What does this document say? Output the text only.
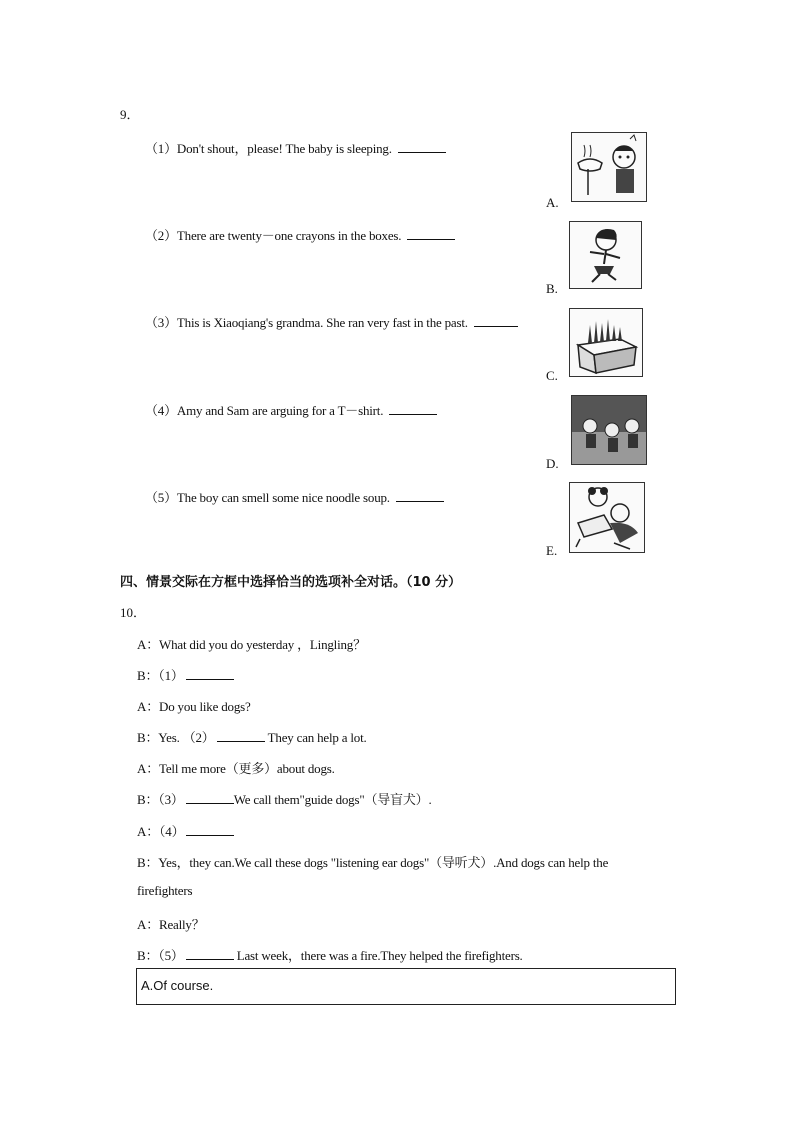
9．
（1）Don't shout，please! The baby is sleeping.
（2）There are twenty－one crayons in the boxes.
（3）This is Xiaoqiang's grandma. She ran very fast in the past.
（4）Amy and Sam are arguing for a T－shirt.
（5）The boy can smell some nice noodle soup.
A.
B.
C.
D.
E.
四、情景交际在方框中选择恰当的选项补全对话。（10 分）
10．
A：What did you do yesterday ，Lingling？
B：（1）
A：Do you like dogs?
B：Yes. （2）	They can help a lot.
A：Tell me more（更多）about dogs.
B：（3）	We call them"guide dogs"（导盲犬）.
A：（4）
B：Yes，they can.We call these dogs "listening ear dogs"（导听犬）.And dogs can help the
firefighters
A：Really？
B：（5）	Last week，there was a fire.They helped the firefighters.
A.Of course.
